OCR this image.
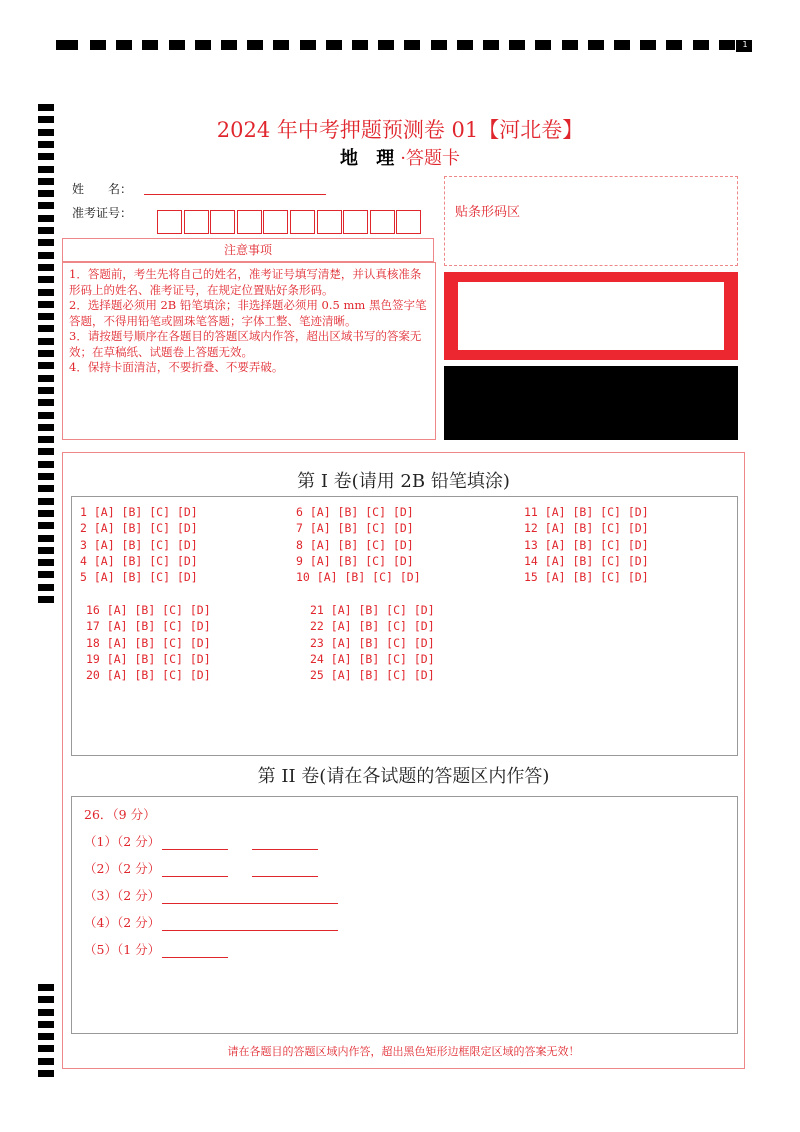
1
2024 年中考押题预测卷 01【河北卷】
地 理·答题卡
姓　　名：
准考证号：	贴条形码区
注意事项
1．答题前，考生先将自己的姓名，准考证号填写清楚，并认真核准条形码上的姓名、准考证号，在规定位置贴好条形码。
2．选择题必须用 2B 铅笔填涂；非选择题必须用 0.5 mm 黑色签字笔答题，不得用铅笔或圆珠笔答题；字体工整、笔迹清晰。
3．请按题号顺序在各题目的答题区域内作答，超出区域书写的答案无效；在草稿纸、试题卷上答题无效。
4．保持卡面清洁，不要折叠、不要弄破。
第 I 卷(请用 2B 铅笔填涂)
1 [A] [B] [C] [D]
2 [A] [B] [C] [D]
3 [A] [B] [C] [D]
4 [A] [B] [C] [D]
5 [A] [B] [C] [D]
6 [A] [B] [C] [D]
7 [A] [B] [C] [D]
8 [A] [B] [C] [D]
9 [A] [B] [C] [D]
10 [A] [B] [C] [D]
11 [A] [B] [C] [D]
12 [A] [B] [C] [D]
13 [A] [B] [C] [D]
14 [A] [B] [C] [D]
15 [A] [B] [C] [D]
16 [A] [B] [C] [D]
17 [A] [B] [C] [D]
18 [A] [B] [C] [D]
19 [A] [B] [C] [D]
20 [A] [B] [C] [D]
21 [A] [B] [C] [D]
22 [A] [B] [C] [D]
23 [A] [B] [C] [D]
24 [A] [B] [C] [D]
25 [A] [B] [C] [D]
第 II 卷(请在各试题的答题区内作答)
26．（9 分）
（1）（2 分）
（2）（2 分）
（3）（2 分）
（4）（2 分）
（5）（1 分）
请在各题目的答题区域内作答，超出黑色矩形边框限定区域的答案无效！
